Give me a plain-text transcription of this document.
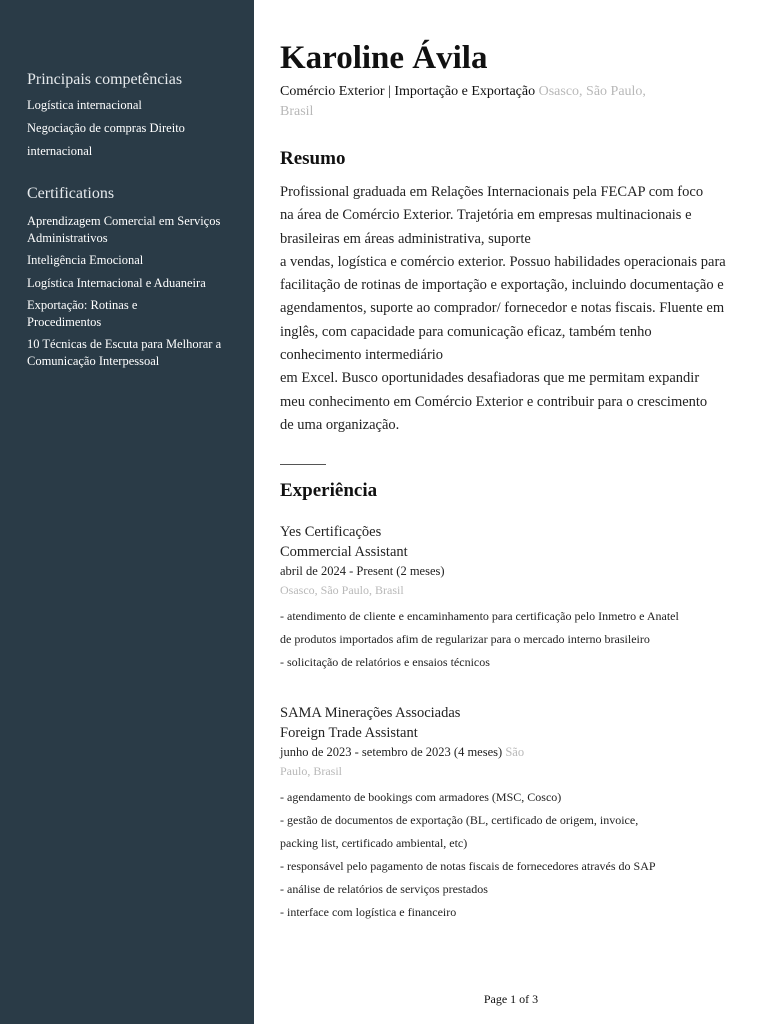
Principais competências

Logística internacional

Negociação de compras Direito

internacional

Certifications

Aprendizagem Comercial em Serviços Administrativos

Inteligência Emocional

Logística Internacional e Aduaneira

Exportação: Rotinas e Procedimentos

10 Técnicas de Escuta para Melhorar a Comunicação Interpessoal

Karoline Ávila

Comércio Exterior | Importação e Exportação Osasco, São Paulo, Brasil

Resumo

Profissional graduada em Relações Internacionais pela FECAP com foco
na área de Comércio Exterior. Trajetória em empresas multinacionais e
brasileiras em áreas administrativa, suporte
a vendas, logística e comércio exterior. Possuo habilidades operacionais para
facilitação de rotinas de importação e exportação, incluindo documentação e
agendamentos, suporte ao comprador/ fornecedor e notas fiscais. Fluente em
inglês, com capacidade para comunicação eficaz, também tenho
conhecimento intermediário
em Excel. Busco oportunidades desafiadoras que me permitam expandir
meu conhecimento em Comércio Exterior e contribuir para o crescimento
de uma organização.

Experiência

Yes Certificações

Commercial Assistant

abril de 2024 - Present (2 meses)

Osasco, São Paulo, Brasil

- atendimento de cliente e encaminhamento para certificação pelo Inmetro e Anatel

de produtos importados afim de regularizar para o mercado interno brasileiro

- solicitação de relatórios e ensaios técnicos

SAMA Minerações Associadas

Foreign Trade Assistant

junho de 2023 - setembro de 2023 (4 meses) São

Paulo, Brasil

- agendamento de bookings com armadores (MSC, Cosco)

- gestão de documentos de exportação (BL, certificado de origem, invoice,

packing list, certificado ambiental, etc)

- responsável pelo pagamento de notas fiscais de fornecedores através do SAP

- análise de relatórios de serviços prestados

- interface com logística e financeiro

Page 1 of 3
